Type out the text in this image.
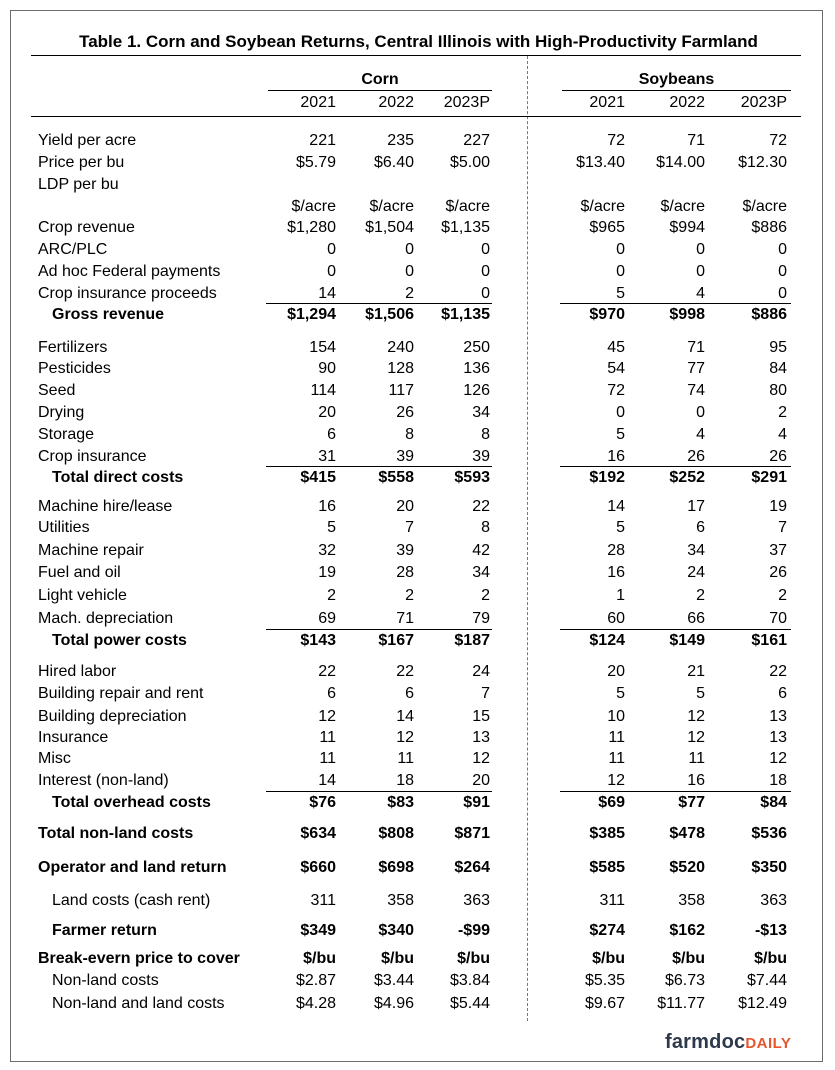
Table 1. Corn and Soybean Returns, Central Illinois with High-Productivity Farmland
Corn	Soybeans
2021	2022	2023P	2021	2022	2023P
Yield per acre	221	235	227	72	71	72
Price per bu	$5.79	$6.40	$5.00	$13.40	$14.00	$12.30
LDP per bu
$/acre	$/acre	$/acre	$/acre	$/acre	$/acre
Crop revenue	$1,280	$1,504	$1,135	$965	$994	$886
ARC/PLC	0	0	0	0	0	0
Ad hoc Federal payments	0	0	0	0	0	0
Crop insurance proceeds	14	2	0	5	4	0
Gross revenue	$1,294	$1,506	$1,135	$970	$998	$886
Fertilizers	154	240	250	45	71	95
Pesticides	90	128	136	54	77	84
Seed	114	117	126	72	74	80
Drying	20	26	34	0	0	2
Storage	6	8	8	5	4	4
Crop insurance	31	39	39	16	26	26
Total direct costs	$415	$558	$593	$192	$252	$291
Machine hire/lease	16	20	22	14	17	19
Utilities	5	7	8	5	6	7
Machine repair	32	39	42	28	34	37
Fuel and oil	19	28	34	16	24	26
Light vehicle	2	2	2	1	2	2
Mach. depreciation	69	71	79	60	66	70
Total power costs	$143	$167	$187	$124	$149	$161
Hired labor	22	22	24	20	21	22
Building repair and rent	6	6	7	5	5	6
Building depreciation	12	14	15	10	12	13
Insurance	11	12	13	11	12	13
Misc	11	11	12	11	11	12
Interest (non-land)	14	18	20	12	16	18
Total overhead costs	$76	$83	$91	$69	$77	$84
Total non-land costs	$634	$808	$871	$385	$478	$536
Operator and land return	$660	$698	$264	$585	$520	$350
Land costs (cash rent)	311	358	363	311	358	363
Farmer return	$349	$340	-$99	$274	$162	-$13
Break-evern price to cover	$/bu	$/bu	$/bu	$/bu	$/bu	$/bu
Non-land costs	$2.87	$3.44	$3.84	$5.35	$6.73	$7.44
Non-land and land costs	$4.28	$4.96	$5.44	$9.67	$11.77	$12.49
farmdocDAILY
